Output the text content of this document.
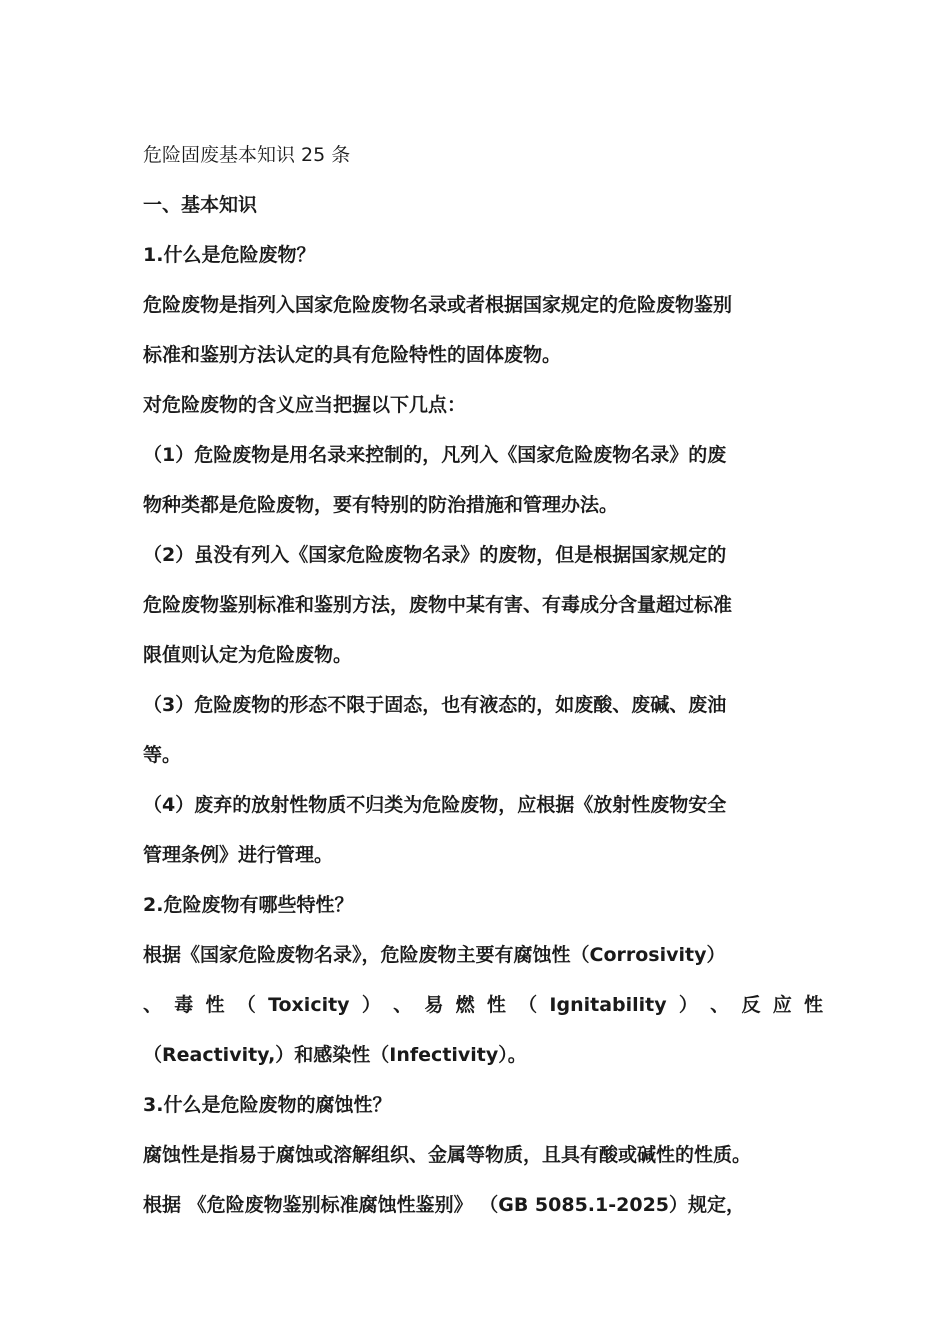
危险固废基本知识 25 条
一、基本知识
1.什么是危险废物？
危险废物是指列入国家危险废物名录或者根据国家规定的危险废物鉴别
标准和鉴别方法认定的具有危险特性的固体废物。
对危险废物的含义应当把握以下几点：
（1）危险废物是用名录来控制的，凡列入《国家危险废物名录》的废
物种类都是危险废物，要有特别的防治措施和管理办法。
（2）虽没有列入《国家危险废物名录》的废物，但是根据国家规定的
危险废物鉴别标准和鉴别方法，废物中某有害、有毒成分含量超过标准
限值则认定为危险废物。
（3）危险废物的形态不限于固态，也有液态的，如废酸、废碱、废油
等。
（4）废弃的放射性物质不归类为危险废物，应根据《放射性废物安全
管理条例》进行管理。
2.危险废物有哪些特性？
根据《国家危险废物名录》，危险废物主要有腐蚀性（Corrosivity）
、 毒 性 （ Toxicity ） 、 易 燃 性 （ Ignitability ） 、 反 应 性
（Reactivity,）和感染性（Infectivity）。
3.什么是危险废物的腐蚀性？
腐蚀性是指易于腐蚀或溶解组织、金属等物质，且具有酸或碱性的性质。
根据 《危险废物鉴别标准腐蚀性鉴别》 （GB 5085.1-2025）规定，
